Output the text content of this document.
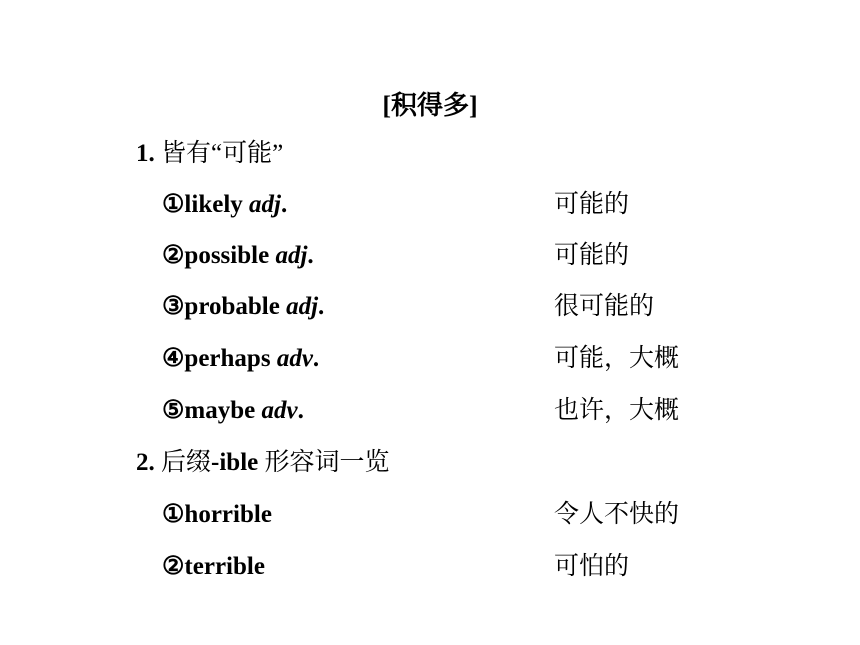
[积得多]
1. 皆有“可能”
①likely adj.	可能的
②possible adj.	可能的
③probable adj.	很可能的
④perhaps adv.	可能，大概
⑤maybe adv.	也许，大概
2. 后缀-ible 形容词一览
①horrible	令人不快的
②terrible	可怕的
